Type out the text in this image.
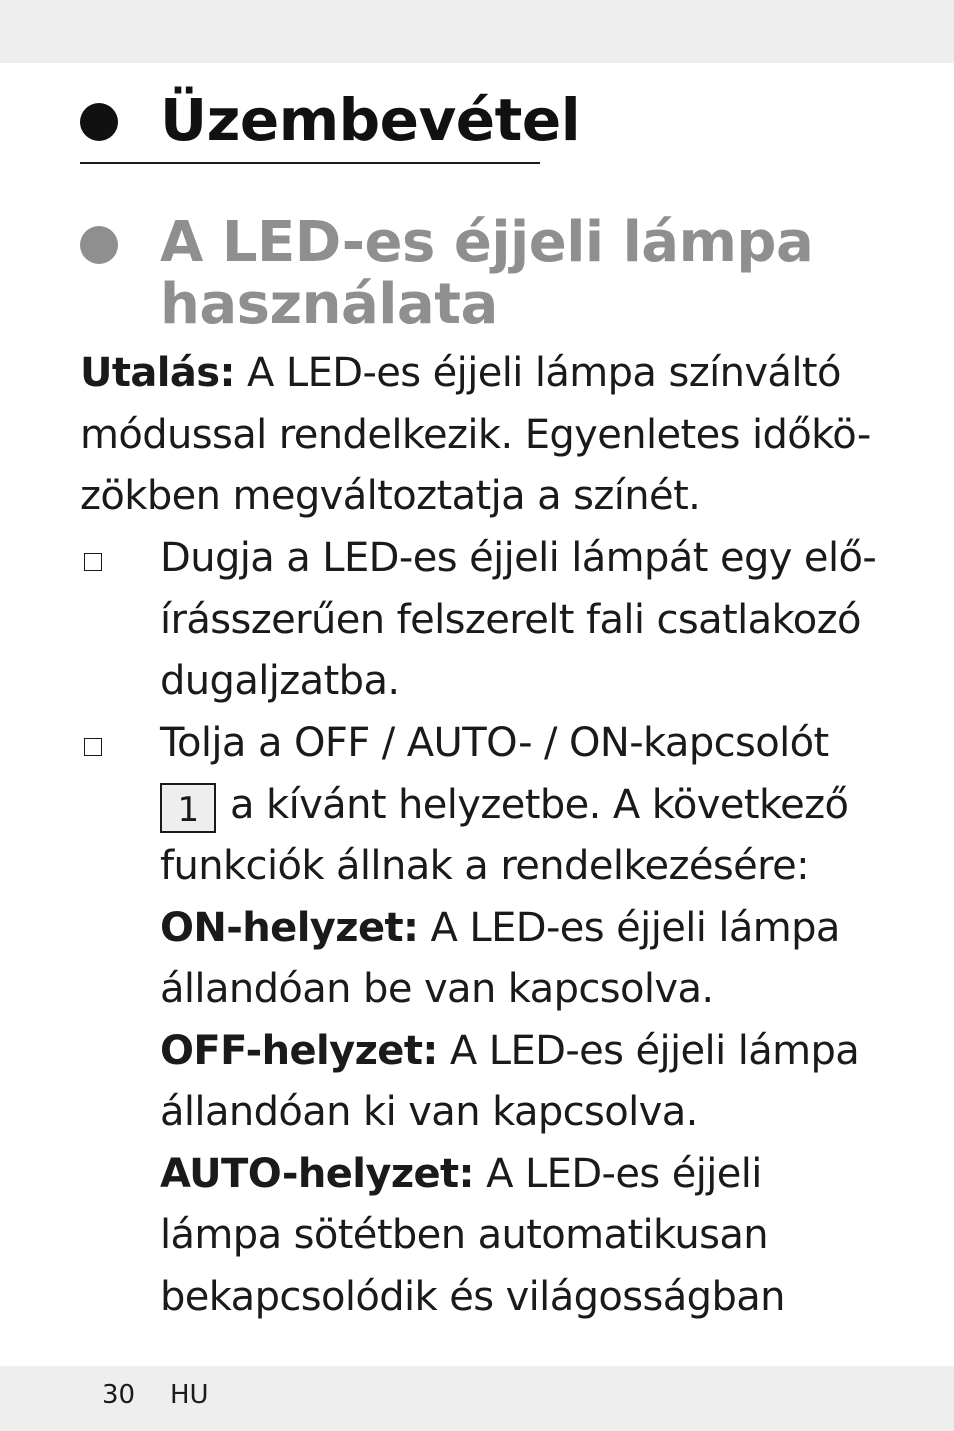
Üzembevétel
A LED-es éjjeli lámpa
használata
Utalás: A LED-es éjjeli lámpa színváltó
módussal rendelkezik. Egyenletes időkö-
zökben megváltoztatja a színét.
Dugja a LED-es éjjeli lámpát egy elő-
írásszerűen felszerelt fali csatlakozó
dugaljzatba.
Tolja a OFF / AUTO- / ON-kapcsolót
1 a kívánt helyzetbe. A következő
funkciók állnak a rendelkezésére:
ON-helyzet: A LED-es éjjeli lámpa
állandóan be van kapcsolva.
OFF-helyzet: A LED-es éjjeli lámpa
állandóan ki van kapcsolva.
AUTO-helyzet: A LED-es éjjeli
lámpa sötétben automatikusan
bekapcsolódik és világosságban
30 HU
